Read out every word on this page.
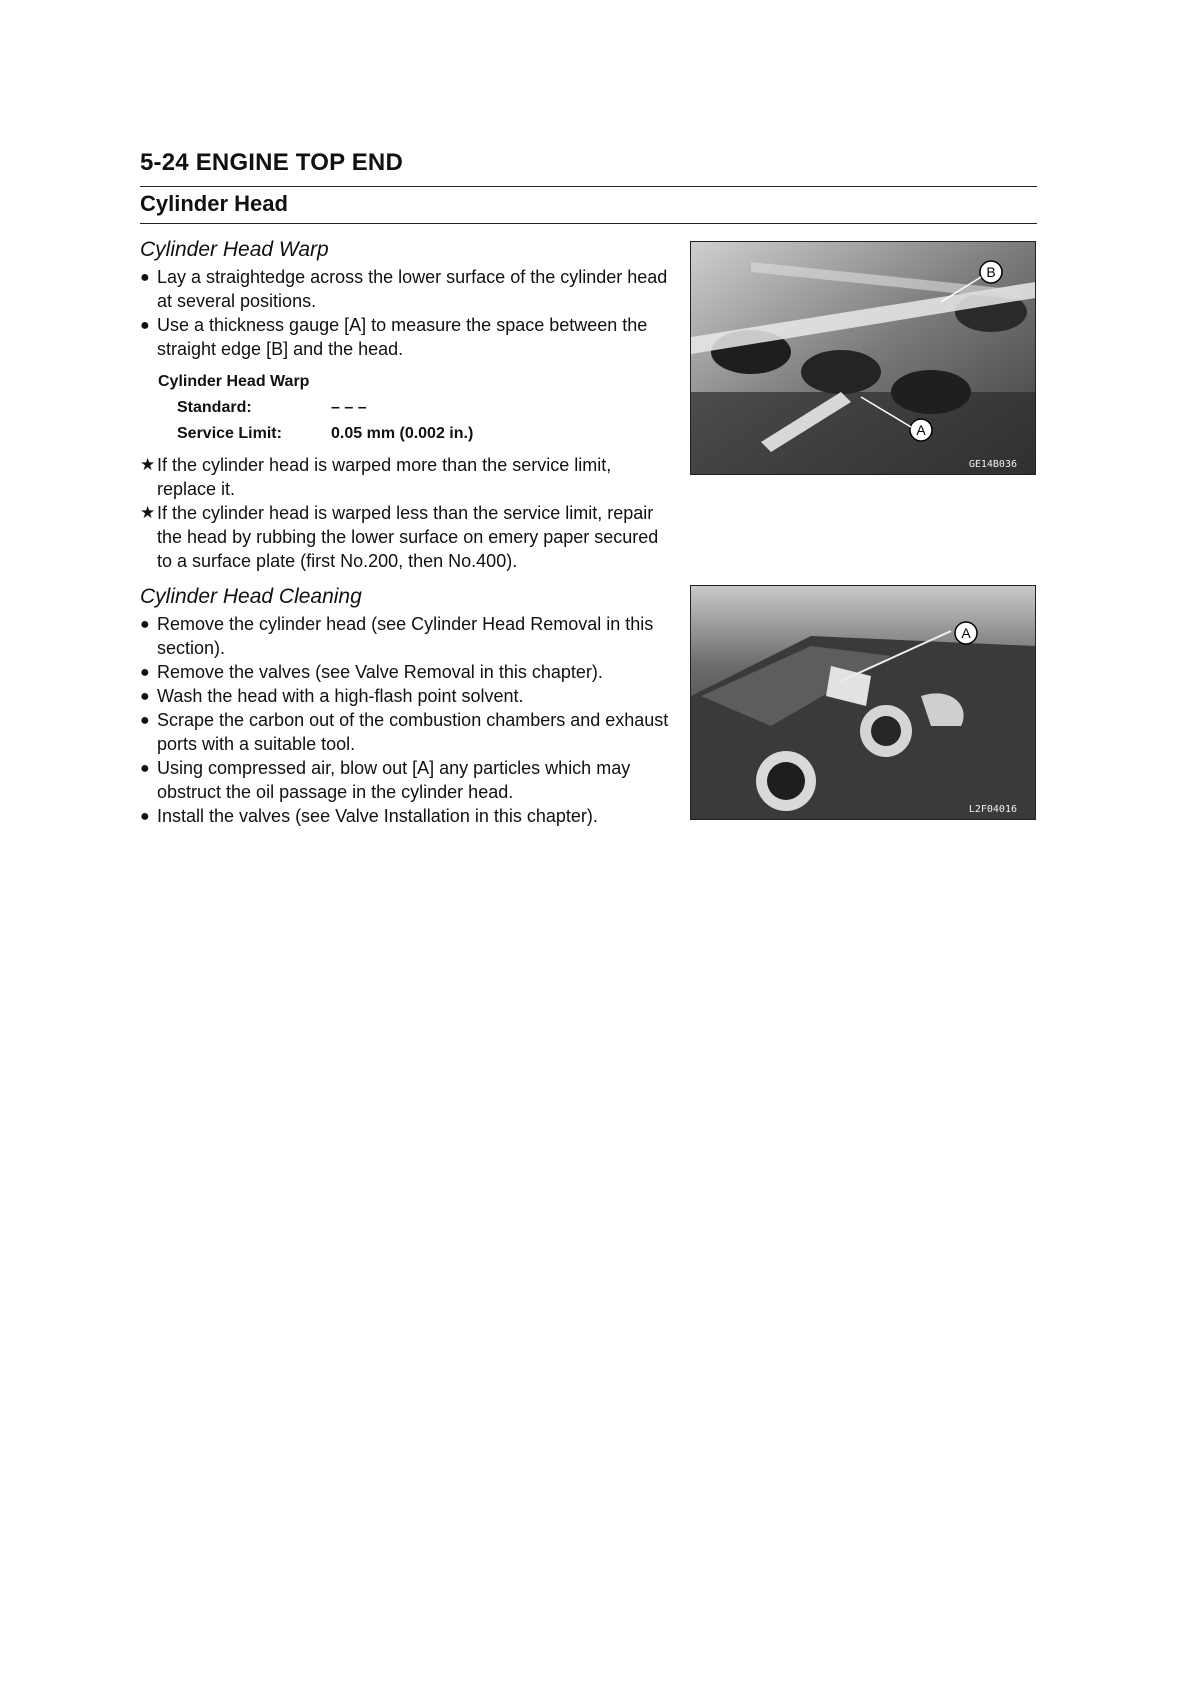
5-24 ENGINE TOP END
Cylinder Head

Cylinder Head Warp

● Lay a straightedge across the lower surface of the cylinder head at several positions.

● Use a thickness gauge [A] to measure the space between the straight edge [B] and the head.

Cylinder Head Warp
Standard:	– – –
Service Limit:	0.05 mm (0.002 in.)

★ If the cylinder head is warped more than the service limit, replace it.

★ If the cylinder head is warped less than the service limit, repair the head by rubbing the lower surface on emery paper secured to a surface plate (first No.200, then No.400).

Cylinder Head Cleaning

● Remove the cylinder head (see Cylinder Head Removal in this section).

● Remove the valves (see Valve Removal in this chapter).

● Wash the head with a high-flash point solvent.

● Scrape the carbon out of the combustion chambers and exhaust ports with a suitable tool.

● Using compressed air, blow out [A] any particles which may obstruct the oil passage in the cylinder head.

● Install the valves (see Valve Installation in this chapter).

A
B
GE14B036
A
L2F04016
